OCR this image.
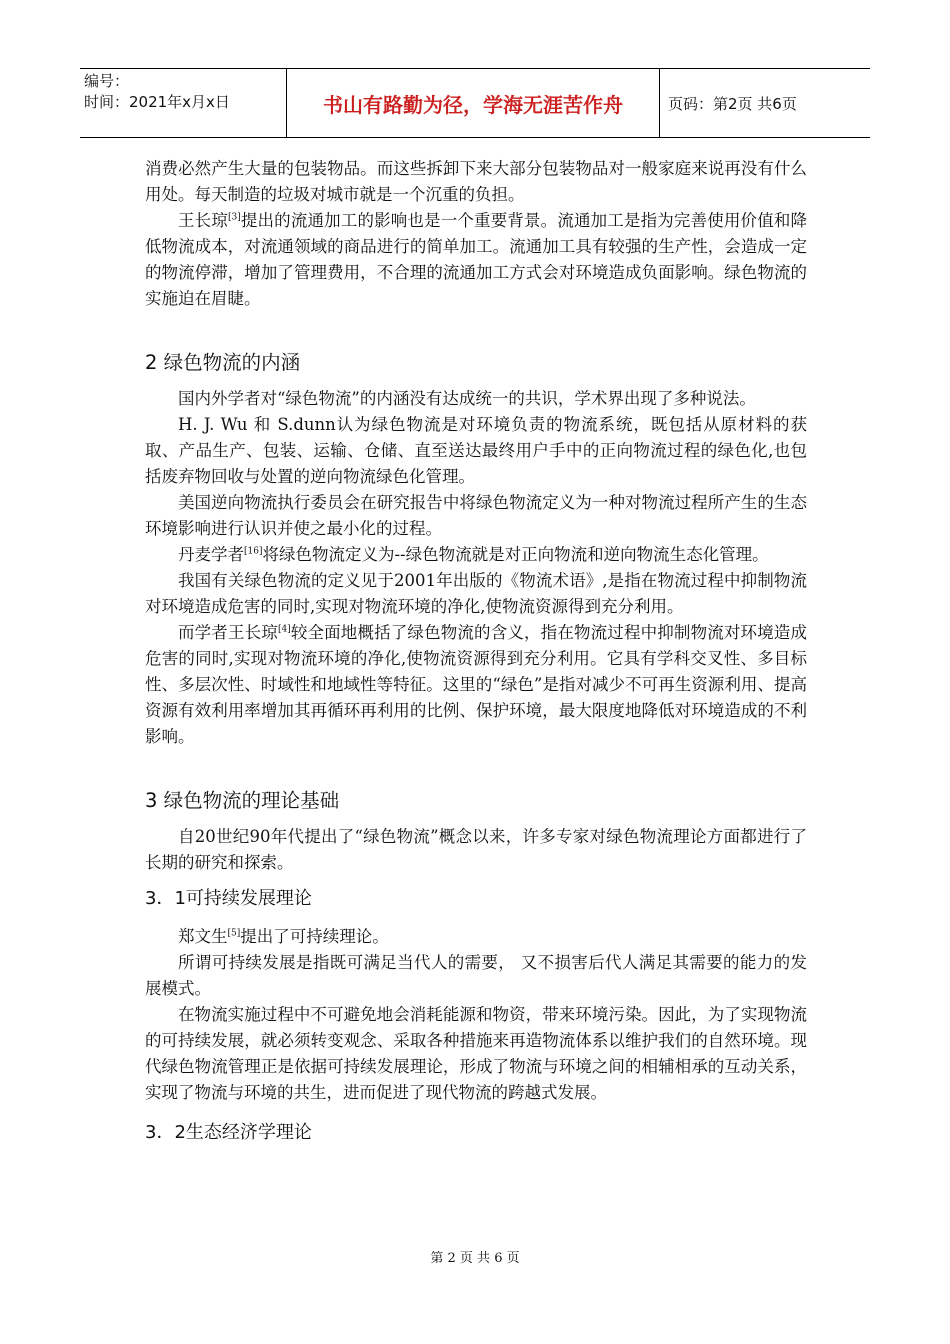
编号：
时间：2021年x月x日	书山有路勤为径，学海无涯苦作舟	页码：第2页 共6页

消费必然产生大量的包装物品。而这些拆卸下来大部分包装物品对一般家庭来说再没有什么用处。每天制造的垃圾对城市就是一个沉重的负担。

王长琼[3]提出的流通加工的影响也是一个重要背景。流通加工是指为完善使用价值和降低物流成本，对流通领域的商品进行的简单加工。流通加工具有较强的生产性，会造成一定的物流停滞，增加了管理费用，不合理的流通加工方式会对环境造成负面影响。绿色物流的实施迫在眉睫。

2 绿色物流的内涵

国内外学者对“绿色物流”的内涵没有达成统一的共识，学术界出现了多种说法。

H. J. Wu 和 S.dunn认为绿色物流是对环境负责的物流系统，既包括从原材料的获取、产品生产、包装、运输、仓储、直至送达最终用户手中的正向物流过程的绿色化,也包括废弃物回收与处置的逆向物流绿色化管理。

美国逆向物流执行委员会在研究报告中将绿色物流定义为一种对物流过程所产生的生态环境影响进行认识并使之最小化的过程。

丹麦学者[16]将绿色物流定义为--绿色物流就是对正向物流和逆向物流生态化管理。

我国有关绿色物流的定义见于2001年出版的《物流术语》,是指在物流过程中抑制物流对环境造成危害的同时,实现对物流环境的净化,使物流资源得到充分利用。

而学者王长琼[4]较全面地概括了绿色物流的含义，指在物流过程中抑制物流对环境造成危害的同时,实现对物流环境的净化,使物流资源得到充分利用。它具有学科交叉性、多目标性、多层次性、时域性和地域性等特征。这里的“绿色”是指对减少不可再生资源利用、提高资源有效利用率增加其再循环再利用的比例、保护环境，最大限度地降低对环境造成的不利影响。

3 绿色物流的理论基础

自20世纪90年代提出了“绿色物流”概念以来，许多专家对绿色物流理论方面都进行了长期的研究和探索。

3．1可持续发展理论

郑文生[5]提出了可持续理论。

所谓可持续发展是指既可满足当代人的需要， 又不损害后代人满足其需要的能力的发展模式。

在物流实施过程中不可避免地会消耗能源和物资，带来环境污染。因此，为了实现物流的可持续发展，就必须转变观念、采取各种措施来再造物流体系以维护我们的自然环境。现代绿色物流管理正是依据可持续发展理论，形成了物流与环境之间的相辅相承的互动关系，实现了物流与环境的共生，进而促进了现代物流的跨越式发展。

3．2生态经济学理论
第 2 页 共 6 页
